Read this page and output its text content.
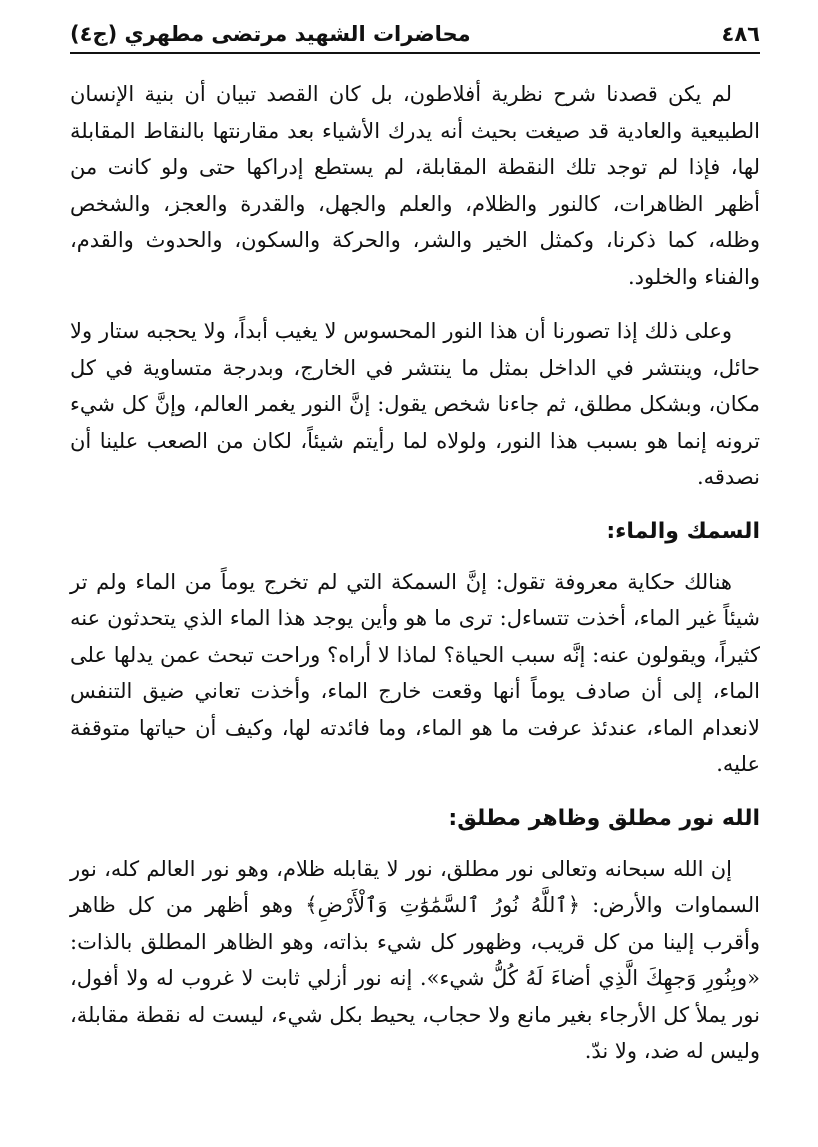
٤٨٦
محاضرات الشهيد مرتضى مطهري (ج٤)

لم يكن قصدنا شرح نظرية أفلاطون، بل كان القصد تبيان أن بنية الإنسان الطبيعية والعادية قد صيغت بحيث أنه يدرك الأشياء بعد مقارنتها بالنقاط المقابلة لها، فإذا لم توجد تلك النقطة المقابلة، لم يستطع إدراكها حتى ولو كانت من أظهر الظاهرات، كالنور والظلام، والعلم والجهل، والقدرة والعجز، والشخص وظله، كما ذكرنا، وكمثل الخير والشر، والحركة والسكون، والحدوث والقدم، والفناء والخلود.

وعلى ذلك إذا تصورنا أن هذا النور المحسوس لا يغيب أبداً، ولا يحجبه ستار ولا حائل، وينتشر في الداخل بمثل ما ينتشر في الخارج، وبدرجة متساوية في كل مكان، وبشكل مطلق، ثم جاءنا شخص يقول: إنَّ النور يغمر العالم، وإنَّ كل شيء ترونه إنما هو بسبب هذا النور، ولولاه لما رأيتم شيئاً، لكان من الصعب علينا أن نصدقه.

السمك والماء:

هنالك حكاية معروفة تقول: إنَّ السمكة التي لم تخرج يوماً من الماء ولم تر شيئاً غير الماء، أخذت تتساءل: ترى ما هو وأين يوجد هذا الماء الذي يتحدثون عنه كثيراً، ويقولون عنه: إنَّه سبب الحياة؟ لماذا لا أراه؟ وراحت تبحث عمن يدلها على الماء، إلى أن صادف يوماً أنها وقعت خارج الماء، وأخذت تعاني ضيق التنفس لانعدام الماء، عندئذ عرفت ما هو الماء، وما فائدته لها، وكيف أن حياتها متوقفة عليه.

الله نور مطلق وظاهر مطلق:

إن الله سبحانه وتعالى نور مطلق، نور لا يقابله ظلام، وهو نور العالم كله، نور السماوات والأرض: ﴿ٱللَّهُ نُورُ ٱلسَّمَٰوَٰتِ وَٱلْأَرْضِ﴾ وهو أظهر من كل ظاهر وأقرب إلينا من كل قريب، وظهور كل شيء بذاته، وهو الظاهر المطلق بالذات: «وبِنُورِ وَجهِكَ الَّذِي أضاءَ لَهُ كُلُّ شيء». إنه نور أزلي ثابت لا غروب له ولا أفول، نور يملأ كل الأرجاء بغير مانع ولا حجاب، يحيط بكل شيء، ليست له نقطة مقابلة، وليس له ضد، ولا ندّ.
